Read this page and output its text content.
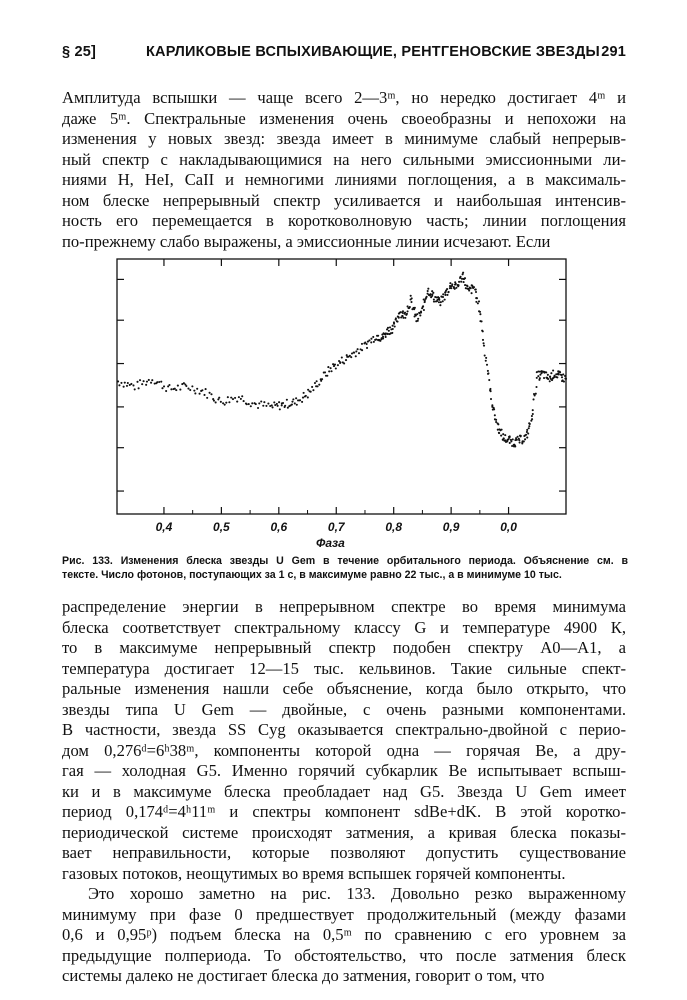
§ 25]	КАРЛИКОВЫЕ ВСПЫХИВАЮЩИЕ, РЕНТГЕНОВСКИЕ ЗВЕЗДЫ 291
Амплитуда вспышки — чаще всего 2—3ᵐ, но нередко достигает 4ᵐ и
даже 5ᵐ. Спектральные изменения очень своеобразны и непохожи на
изменения у новых звезд: звезда имеет в минимуме слабый непрерыв-
ный спектр с накладывающимися на него сильными эмиссионными ли-
ниями H, HeI, CaII и немногими линиями поглощения, а в максималь-
ном блеске непрерывный спектр усиливается и наибольшая интенсив-
ность его перемещается в коротковолновую часть; линии поглощения
по-прежнему слабо выражены, а эмиссионные линии исчезают. Если
0,4	0,5	0,6	0,7	0,8	0,9	0,0
Фаза
Рис. 133. Изменения блеска звезды U Gem в течение орбитального периода. Объяснение см. в
тексте. Число фотонов, поступающих за 1 с, в максимуме равно 22 тыс., а в минимуме 10 тыс.
распределение энергии в непрерывном спектре во время минимума
блеска соответствует спектральному классу G и температуре 4900 К,
то в максимуме непрерывный спектр подобен спектру A0—A1, а
температура достигает 12—15 тыс. кельвинов. Такие сильные спект-
ральные изменения нашли себе объяснение, когда было открыто, что
звезды типа U Gem — двойные, с очень разными компонентами.
В частности, звезда SS Cyg оказывается спектрально-двойной с перио-
дом 0,276ᵈ=6ʰ38ᵐ, компоненты которой одна — горячая Be, а дру-
гая — холодная G5. Именно горячий субкарлик Be испытывает вспыш-
ки и в максимуме блеска преобладает над G5. Звезда U Gem имеет
период 0,174ᵈ=4ʰ11ᵐ и спектры компонент sdBe+dK. В этой коротко-
периодической системе происходят затмения, а кривая блеска показы-
вает неправильности, которые позволяют допустить существование
газовых потоков, неощутимых во время вспышек горячей компоненты.
Это хорошо заметно на рис. 133. Довольно резко выраженному
минимуму при фазе 0 предшествует продолжительный (между фазами
0,6 и 0,95ᵖ) подъем блеска на 0,5ᵐ по сравнению с его уровнем за
предыдущие полпериода. То обстоятельство, что после затмения блеск
системы далеко не достигает блеска до затмения, говорит о том, что
